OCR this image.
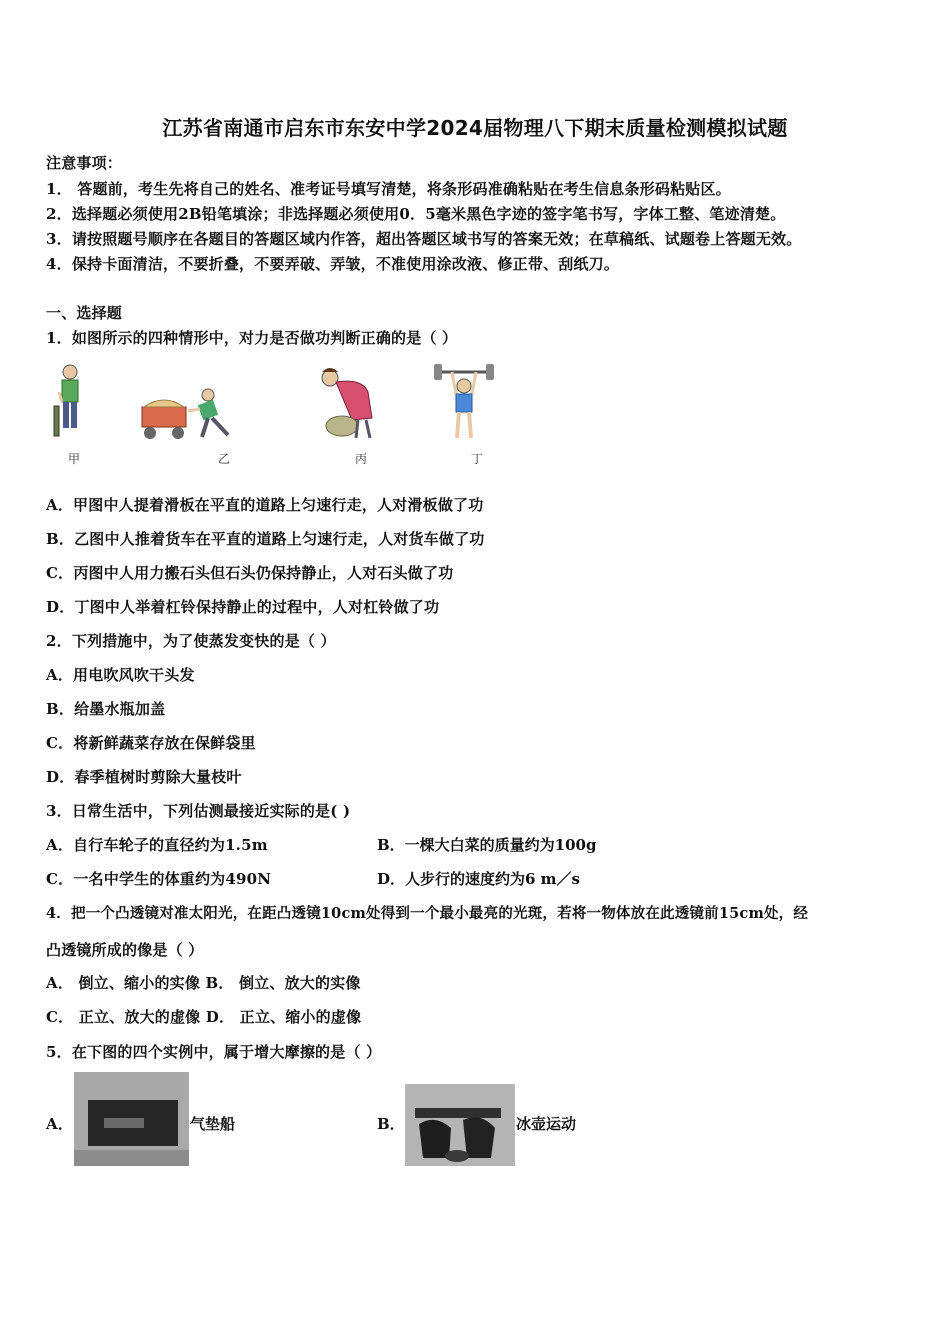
江苏省南通市启东市东安中学2024届物理八下期末质量检测模拟试题
注意事项：
1． 答题前，考生先将自己的姓名、准考证号填写清楚，将条形码准确粘贴在考生信息条形码粘贴区。
2．选择题必须使用2B铅笔填涂；非选择题必须使用0．5毫米黑色字迹的签字笔书写，字体工整、笔迹清楚。
3．请按照题号顺序在各题目的答题区域内作答，超出答题区域书写的答案无效；在草稿纸、试题卷上答题无效。
4．保持卡面清洁，不要折叠，不要弄破、弄皱，不准使用涂改液、修正带、刮纸刀。
一、选择题
1．如图所示的四种情形中，对力是否做功判断正确的是（ ）
甲	乙	丙	丁
A．甲图中人提着滑板在平直的道路上匀速行走，人对滑板做了功
B．乙图中人推着货车在平直的道路上匀速行走，人对货车做了功
C．丙图中人用力搬石头但石头仍保持静止，人对石头做了功
D．丁图中人举着杠铃保持静止的过程中，人对杠铃做了功
2．下列措施中，为了使蒸发变快的是（ ）
A．用电吹风吹干头发
B．给墨水瓶加盖
C．将新鲜蔬菜存放在保鲜袋里
D．春季植树时剪除大量枝叶
3．日常生活中，下列估测最接近实际的是( )
A．自行车轮子的直径约为1.5m	B．一棵大白菜的质量约为100g
C．一名中学生的体重约为490N	D．人步行的速度约为6 m／s
4．把一个凸透镜对准太阳光，在距凸透镜10cm处得到一个最小最亮的光斑，若将一物体放在此透镜前15cm处，经
凸透镜所成的像是（ ）
A． 倒立、缩小的实像 B． 倒立、放大的实像
C． 正立、放大的虚像 D． 正立、缩小的虚像
5．在下图的四个实例中，属于增大摩擦的是（ ）
A．	气垫船	B．	冰壶运动
